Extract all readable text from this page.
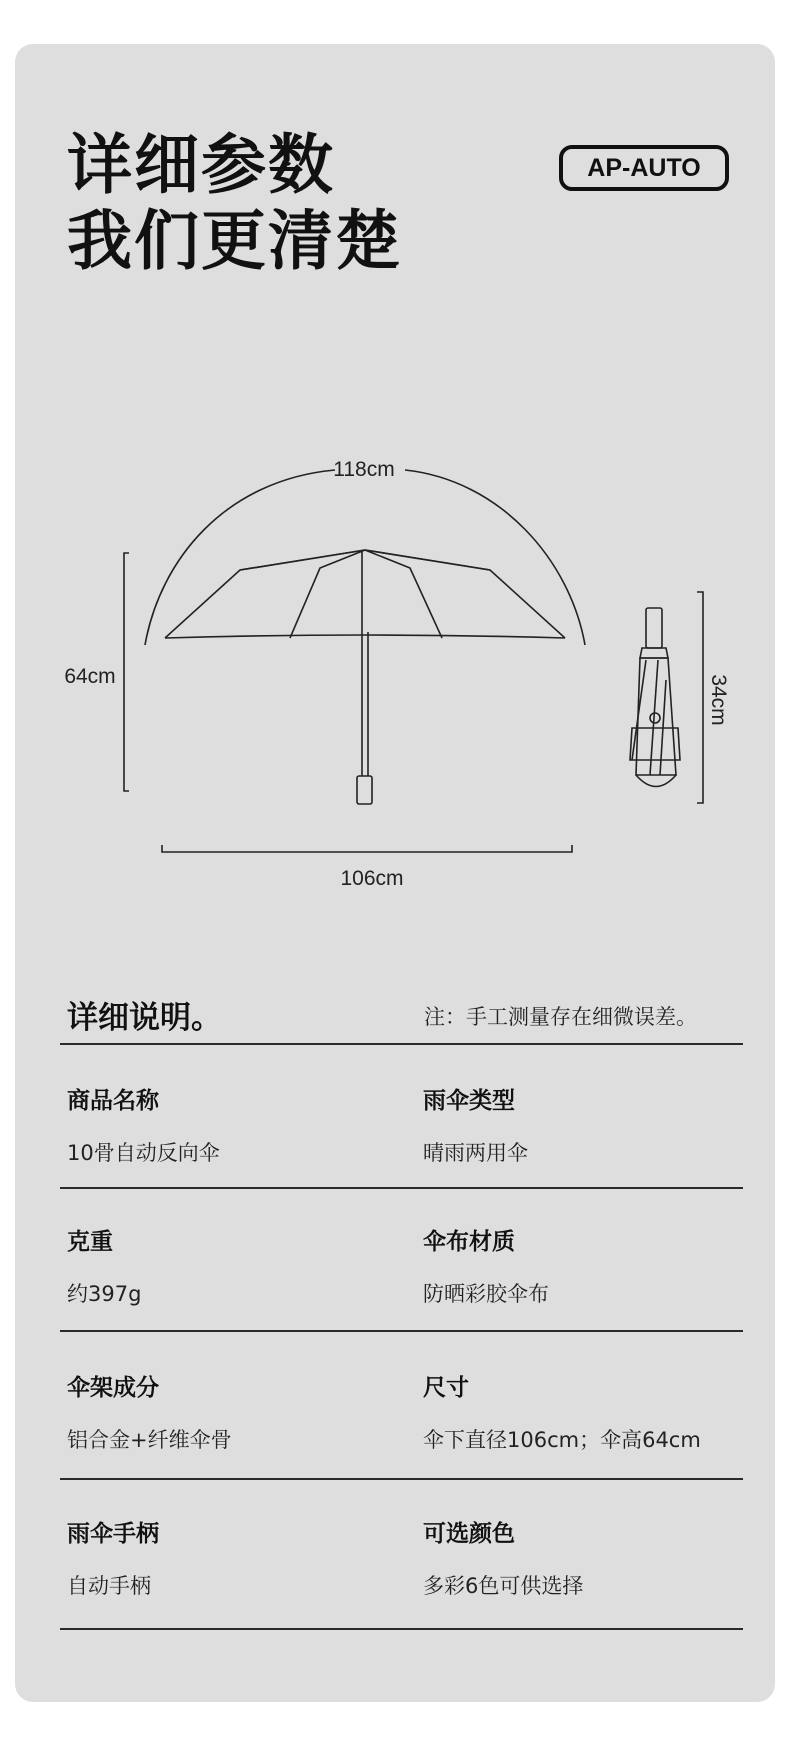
详细参数
我们更清楚
AP-AUTO
118cm
64cm
106cm
34cm
详细说明。	注：手工测量存在细微误差。
商品名称
10骨自动反向伞
雨伞类型
晴雨两用伞
克重
约397g
伞布材质
防晒彩胶伞布
伞架成分
铝合金+纤维伞骨
尺寸
伞下直径106cm；伞高64cm
雨伞手柄
自动手柄
可选颜色
多彩6色可供选择
